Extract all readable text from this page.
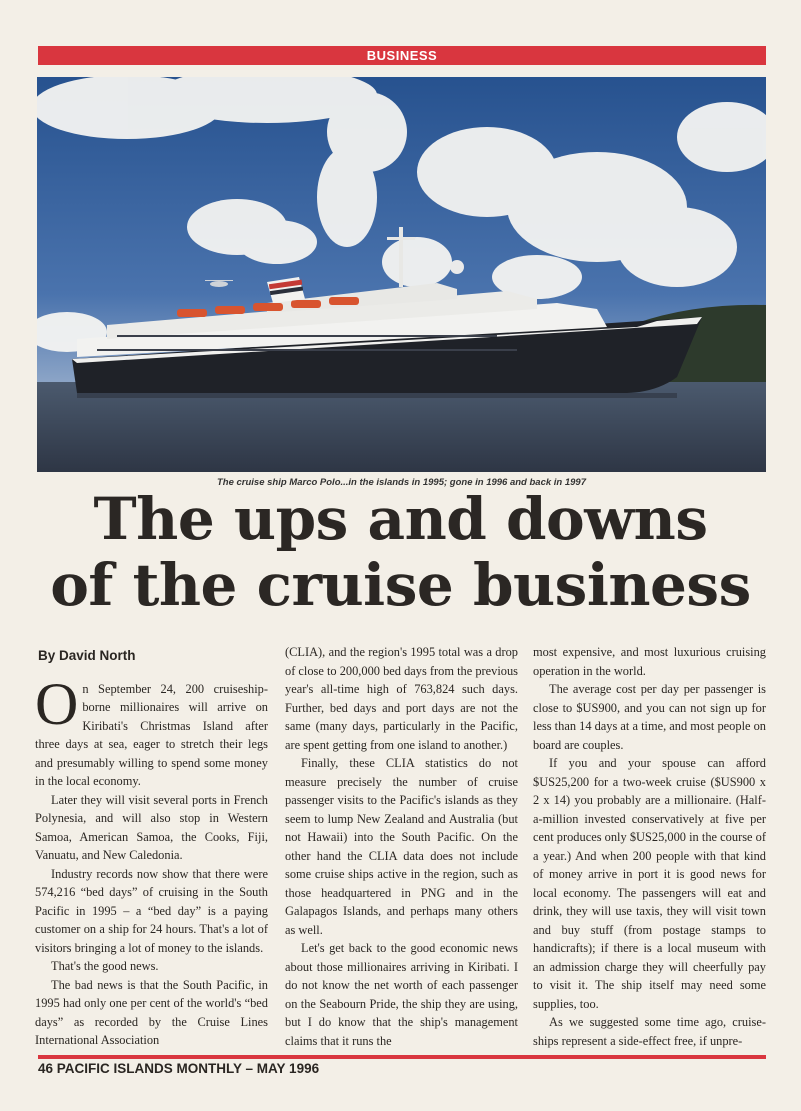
BUSINESS
The cruise ship Marco Polo...in the islands in 1995; gone in 1996 and back in 1997
The ups and downs
of the cruise business

By David North

On September 24, 200 cruiseship-borne millionaires will arrive on Kiribati's Christmas Island after three days at sea, eager to stretch their legs and presumably willing to spend some money in the local economy.

Later they will visit several ports in French Polynesia, and will also stop in Western Samoa, American Samoa, the Cooks, Fiji, Vanuatu, and New Caledonia.

Industry records now show that there were 574,216 “bed days” of cruising in the South Pacific in 1995 – a “bed day” is a paying customer on a ship for 24 hours. That's a lot of visitors bringing a lot of money to the islands.

That's the good news.

The bad news is that the South Pacific, in 1995 had only one per cent of the world's “bed days” as recorded by the Cruise Lines International Association

(CLIA), and the region's 1995 total was a drop of close to 200,000 bed days from the previous year's all-time high of 763,824 such days. Further, bed days and port days are not the same (many days, particularly in the Pacific, are spent getting from one island to another.)

Finally, these CLIA statistics do not measure precisely the number of cruise passenger visits to the Pacific's islands as they seem to lump New Zealand and Australia (but not Hawaii) into the South Pacific. On the other hand the CLIA data does not include some cruise ships active in the region, such as those headquartered in PNG and in the Galapagos Islands, and perhaps many others as well.

Let's get back to the good economic news about those millionaires arriving in Kiribati. I do not know the net worth of each passenger on the Seabourn Pride, the ship they are using, but I do know that the ship's management claims that it runs the

most expensive, and most luxurious cruising operation in the world.

The average cost per day per passenger is close to $US900, and you can not sign up for less than 14 days at a time, and most people on board are couples.

If you and your spouse can afford $US25,200 for a two-week cruise ($US900 x 2 x 14) you probably are a millionaire. (Half-a-million invested conservatively at five per cent produces only $US25,000 in the course of a year.) And when 200 people with that kind of money arrive in port it is good news for local economy. The passengers will eat and drink, they will use taxis, they will visit town and buy stuff (from postage stamps to handicrafts); if there is a local museum with an admission charge they will cheerfully pay to visit it. The ship itself may need some supplies, too.

As we suggested some time ago, cruise-ships represent a side-effect free, if unpre-

46 PACIFIC ISLANDS MONTHLY – MAY 1996
